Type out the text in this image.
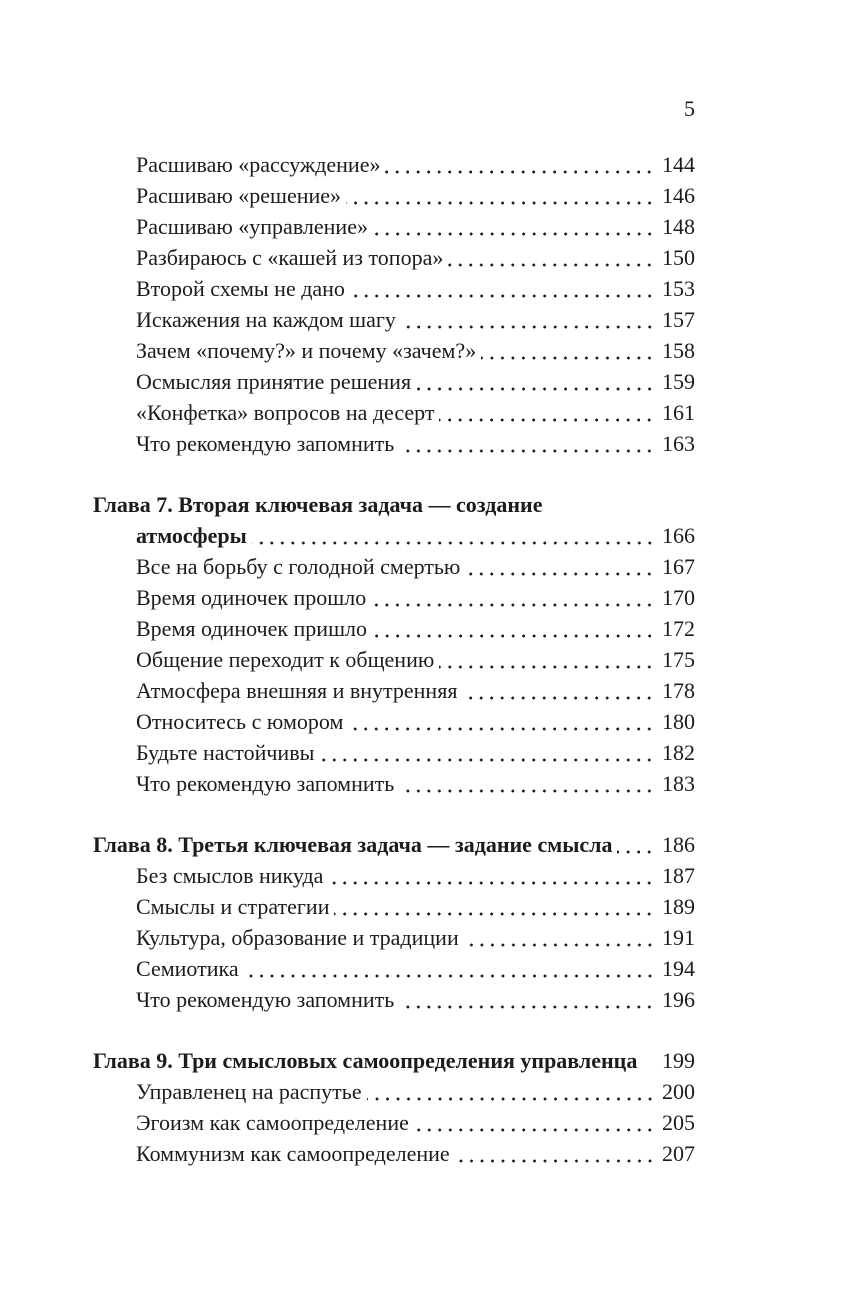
5
Расшиваю «рассуждение»	144
Расшиваю «решение»	146
Расшиваю «управление»	148
Разбираюсь с «кашей из топора»	150
Второй схемы не дано	153
Искажения на каждом шагу	157
Зачем «почему?» и почему «зачем?»	158
Осмысляя принятие решения	159
«Конфетка» вопросов на десерт	161
Что рекомендую запомнить	163
Глава 7. Вторая ключевая задача — создание
атмосферы	166
Все на борьбу с голодной смертью	167
Время одиночек прошло	170
Время одиночек пришло	172
Общение переходит к общению	175
Атмосфера внешняя и внутренняя	178
Относитесь с юмором	180
Будьте настойчивы	182
Что рекомендую запомнить	183
Глава 8. Третья ключевая задача — задание смысла 186
Без смыслов никуда	187
Смыслы и стратегии	189
Культура, образование и традиции	191
Семиотика	194
Что рекомендую запомнить	196
Глава 9. Три смысловых самоопределения управленца 199
Управленец на распутье	200
Эгоизм как самоопределение	205
Коммунизм как самоопределение	207
